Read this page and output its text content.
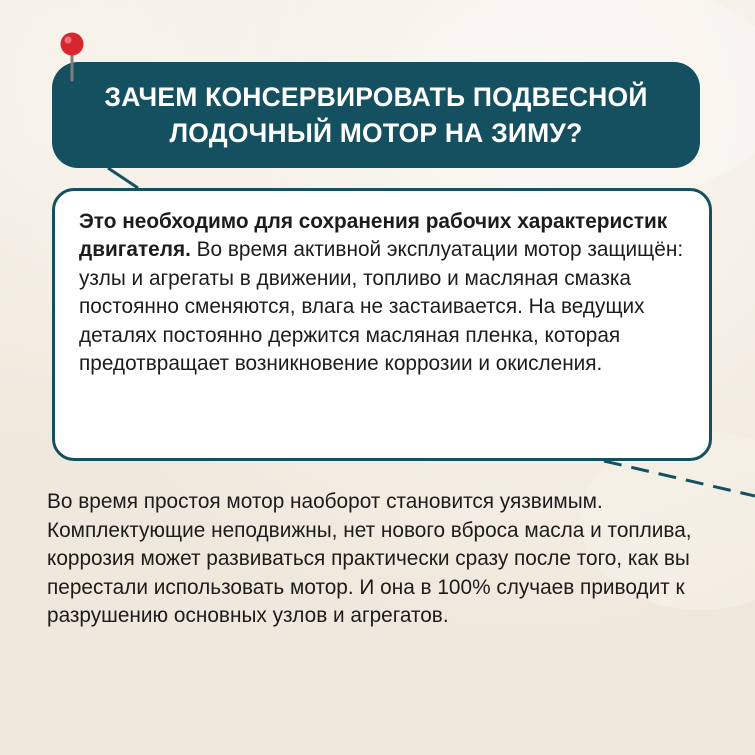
ЗАЧЕМ КОНСЕРВИРОВАТЬ ПОДВЕСНОЙ
ЛОДОЧНЫЙ МОТОР НА ЗИМУ?

Это необходимо для сохранения рабочих характеристик двигателя. Во время активной эксплуатации мотор защищён: узлы и агрегаты в движении, топливо и масляная смазка постоянно сменяются, влага не застаивается. На ведущих деталях постоянно держится масляная пленка, которая предотвращает возникновение коррозии и окисления.

Во время простоя мотор наоборот становится уязвимым. Комплектующие неподвижны, нет нового вброса масла и топлива, коррозия может развиваться практически сразу после того, как вы перестали использовать мотор. И она в 100% случаев приводит к разрушению основных узлов и агрегатов.
